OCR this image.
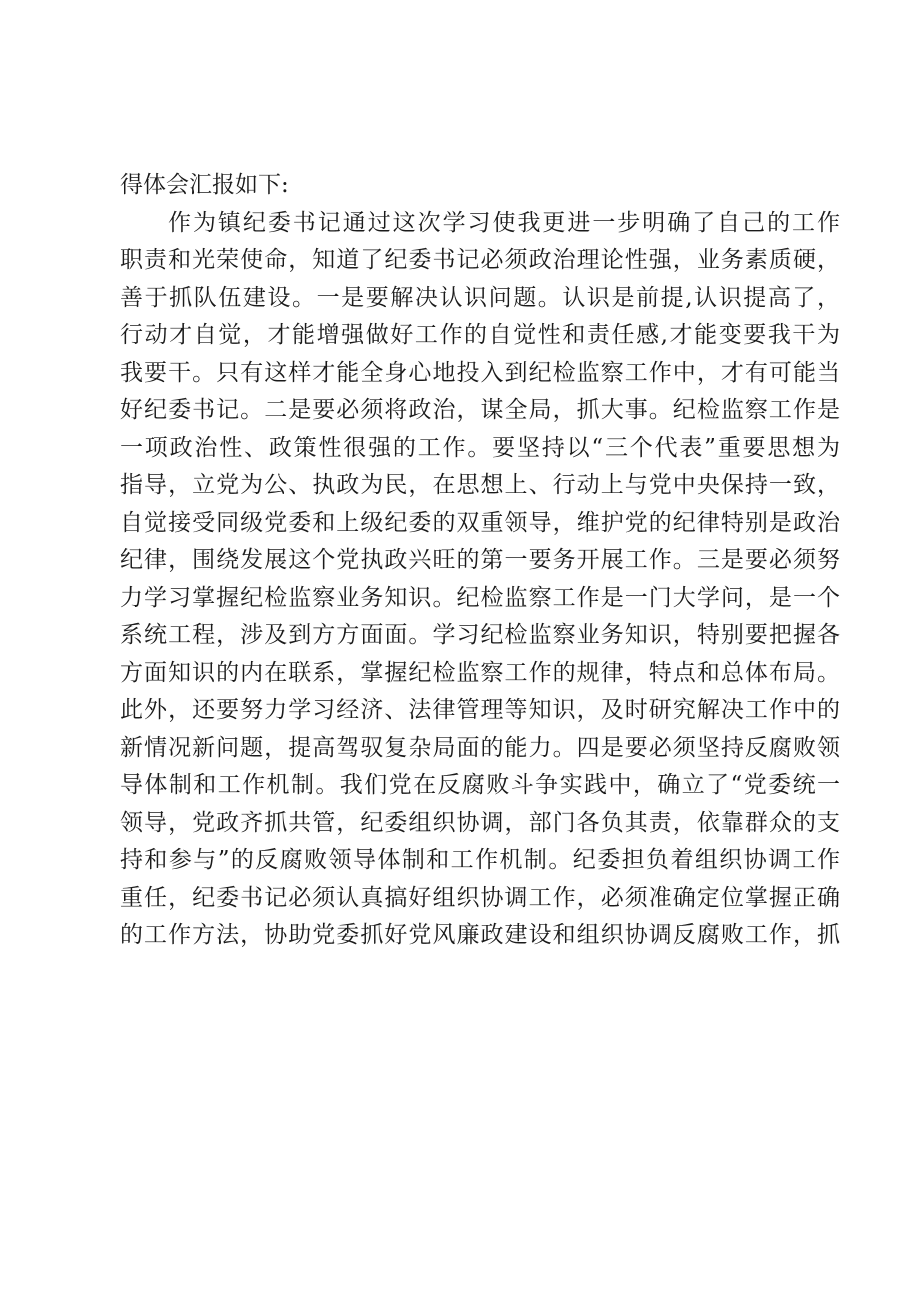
得体会汇报如下:
作为镇纪委书记通过这次学习使我更进一步明确了自己的工作
职责和光荣使命，知道了纪委书记必须政治理论性强，业务素质硬，
善于抓队伍建设。一是要解决认识问题。认识是前提,认识提高了，
行动才自觉，才能增强做好工作的自觉性和责任感,才能变要我干为
我要干。只有这样才能全身心地投入到纪检监察工作中，才有可能当
好纪委书记。二是要必须将政治，谋全局，抓大事。纪检监察工作是
一项政治性、政策性很强的工作。要坚持以“三个代表”重要思想为
指导，立党为公、执政为民，在思想上、行动上与党中央保持一致，
自觉接受同级党委和上级纪委的双重领导，维护党的纪律特别是政治
纪律，围绕发展这个党执政兴旺的第一要务开展工作。三是要必须努
力学习掌握纪检监察业务知识。纪检监察工作是一门大学问，是一个
系统工程，涉及到方方面面。学习纪检监察业务知识，特别要把握各
方面知识的内在联系，掌握纪检监察工作的规律，特点和总体布局。
此外，还要努力学习经济、法律管理等知识，及时研究解决工作中的
新情况新问题，提高驾驭复杂局面的能力。四是要必须坚持反腐败领
导体制和工作机制。我们党在反腐败斗争实践中，确立了“党委统一
领导，党政齐抓共管，纪委组织协调，部门各负其责，依靠群众的支
持和参与”的反腐败领导体制和工作机制。纪委担负着组织协调工作
重任，纪委书记必须认真搞好组织协调工作，必须准确定位掌握正确
的工作方法，协助党委抓好党风廉政建设和组织协调反腐败工作，抓
